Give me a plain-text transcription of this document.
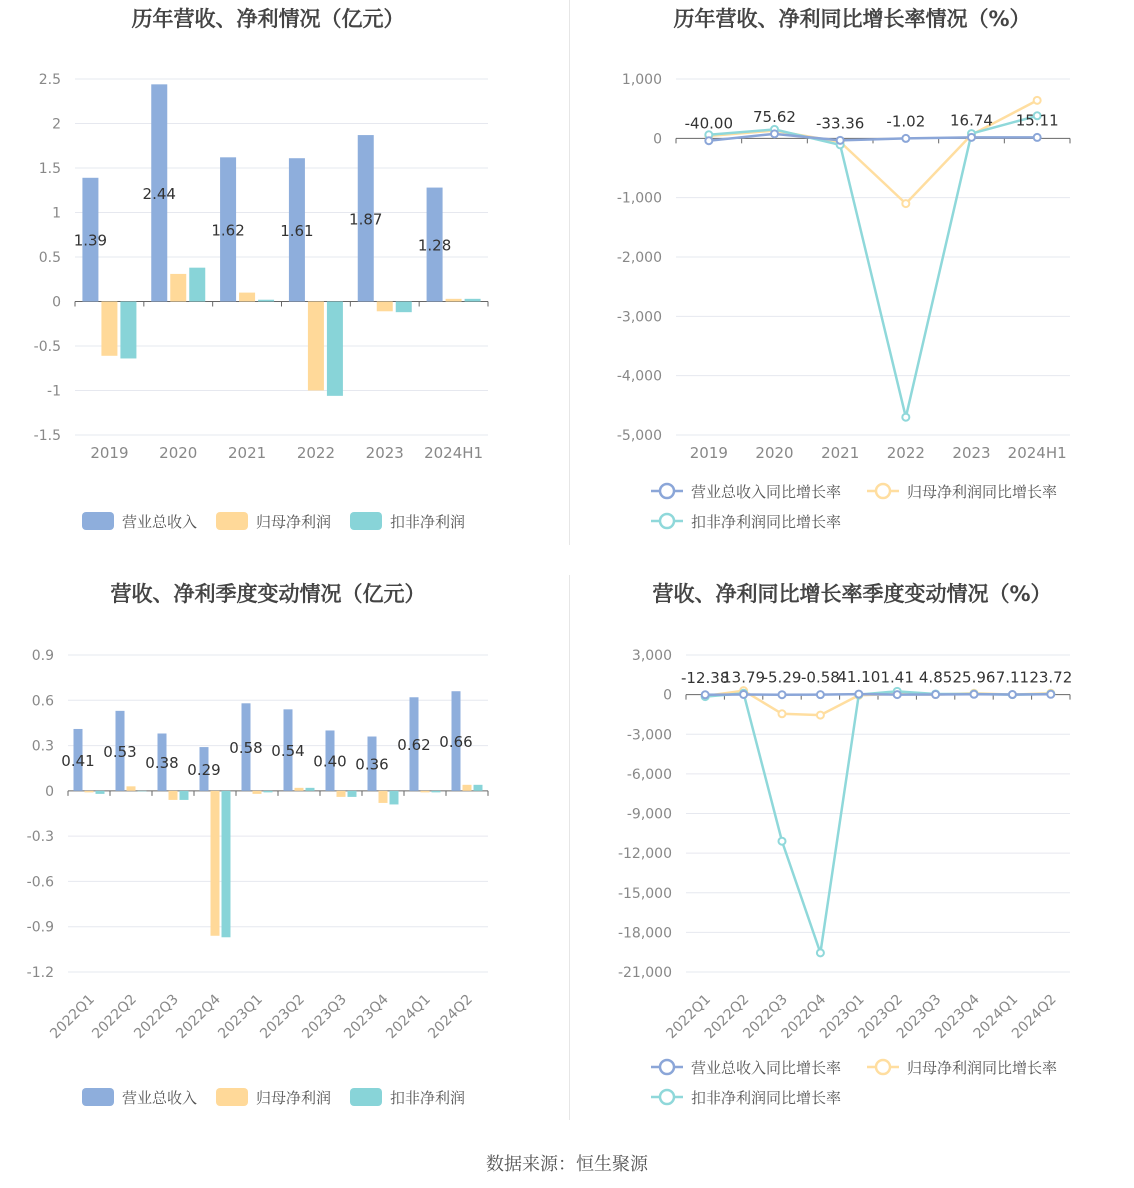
历年营收、净利情况（亿元）
2.5
2
1.5
1
0.5
0
-0.5
-1
-1.5
1.39
2.44
1.62 1.61
1.87
1.28
2019 2020 2021 2022 2023 2024H1
营业总收入	归母净利润	扣非净利润
历年营收、净利同比增长率情况（%）
1,000
0
-1,000
-2,000
-3,000
-4,000
-5,000
-40.00 75.62 -33.36 -1.02 16.74 15.11
2019 2020 2021 2022 2023 2024H1
营业总收入同比增长率	归母净利润同比增长率
扣非净利润同比增长率
营收、净利季度变动情况（亿元）
0.9
0.6
0.3
0
-0.3
-0.6
-0.9
-1.2
0.41
0.53
0.38 0.29
0.58 0.54
0.40 0.36
0.62 0.66
2022Q1
2022Q2
2022Q3
2022Q4
2023Q1
2023Q2
2023Q3
2023Q4
2024Q1
2024Q2
营业总收入	归母净利润	扣非净利润
营收、净利同比增长率季度变动情况（%）
3,000
0
-3,000
-6,000
-9,000
-12,000
-15,000
-18,000
-21,000
-12.38
13.79
-5.29 -0.58
41.10 1.41 4.85 25.96 7.11 23.72
2022Q1
2022Q2
2022Q3
2022Q4
2023Q1
2023Q2
2023Q3
2023Q4
2024Q1
2024Q2
营业总收入同比增长率	归母净利润同比增长率
扣非净利润同比增长率
数据来源：恒生聚源
